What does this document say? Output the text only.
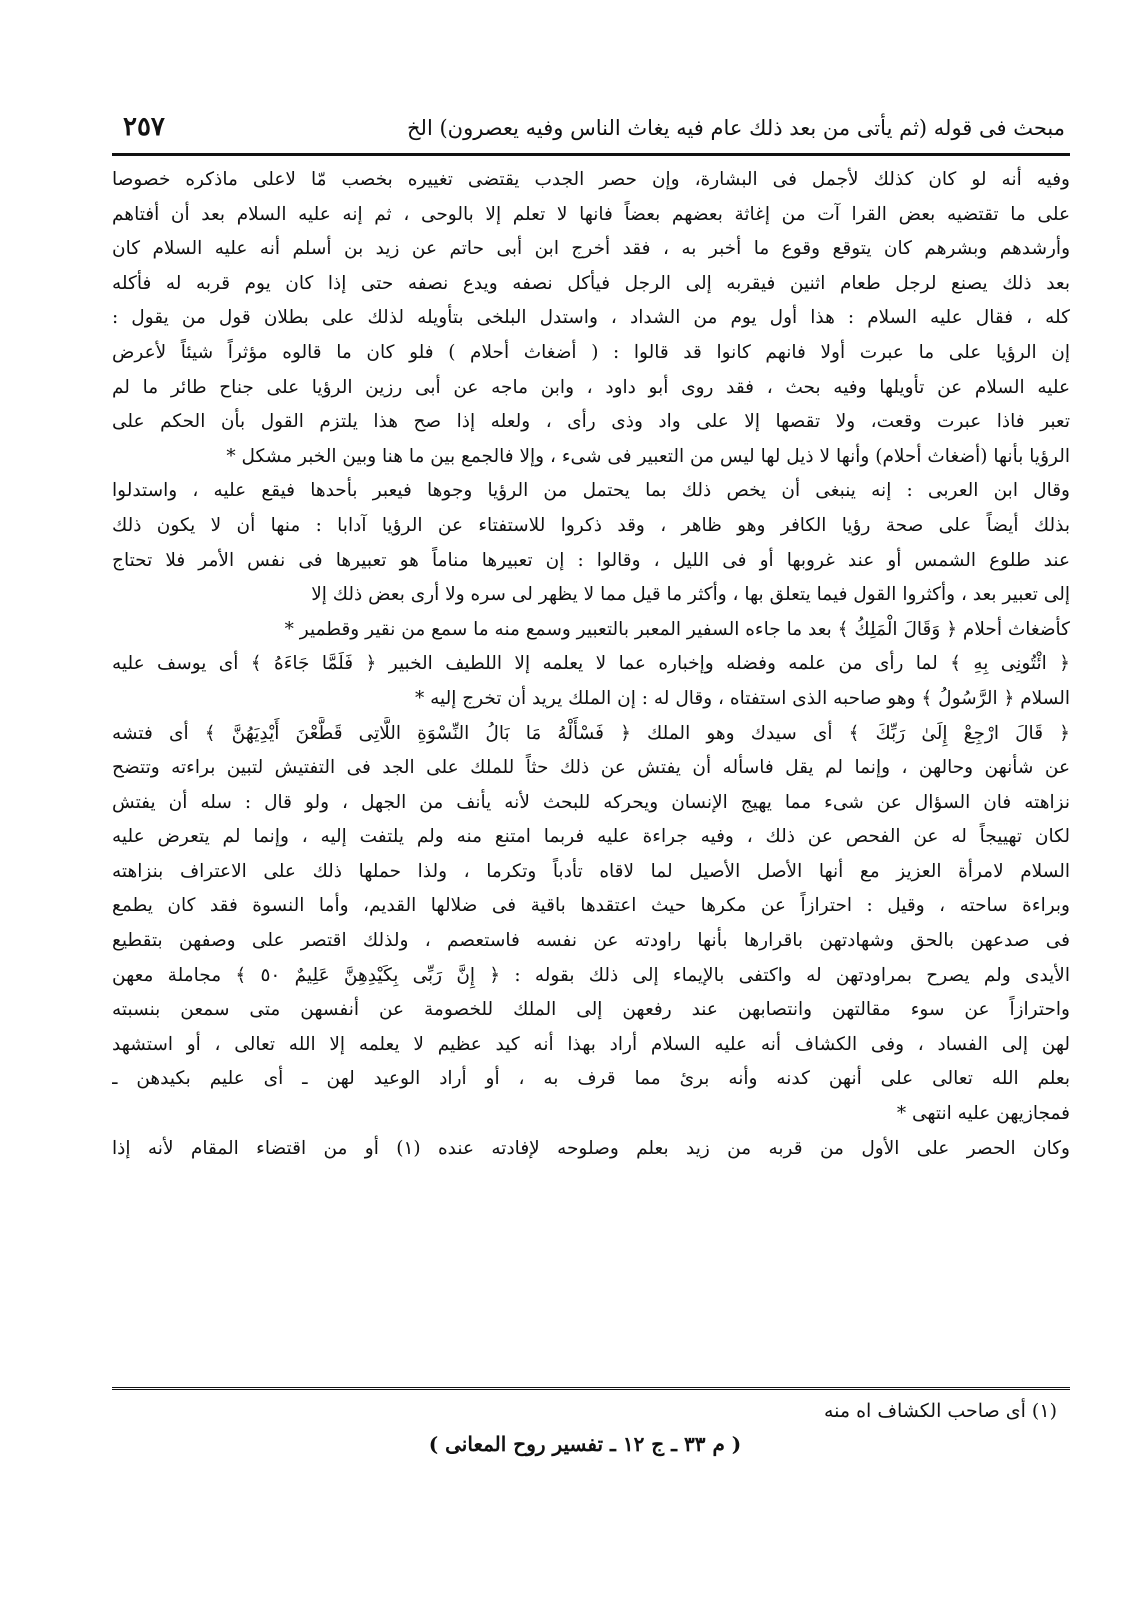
مبحث فى قوله (ثم يأتى من بعد ذلك عام فيه يغاث الناس وفيه يعصرون) الخ
٢٥٧
وفيه أنه لو كان كذلك لأجمل فى البشارة، وإن حصر الجدب يقتضى تغييره بخصب مّا لاعلى ماذكره خصوصا
على ما تقتضيه بعض القرا آت من إغاثة بعضهم بعضاً فانها لا تعلم إلا بالوحى ، ثم إنه عليه السلام بعد أن أفتاهم
وأرشدهم وبشرهم كان يتوقع وقوع ما أخبر به ، فقد أخرج ابن أبى حاتم عن زيد بن أسلم أنه عليه السلام كان
بعد ذلك يصنع لرجل طعام اثنين فيقربه إلى الرجل فيأكل نصفه ويدع نصفه حتى إذا كان يوم قربه له فأكله
كله ، فقال عليه السلام : هذا أول يوم من الشداد ، واستدل البلخى بتأويله لذلك على بطلان قول من يقول :
إن الرؤيا على ما عبرت أولا فانهم كانوا قد قالوا : ( أضغاث أحلام ) فلو كان ما قالوه مؤثراً شيئاً لأعرض
عليه السلام عن تأويلها وفيه بحث ، فقد روى أبو داود ، وابن ماجه عن أبى رزين الرؤيا على جناح طائر ما لم
تعبر فاذا عبرت وقعت، ولا تقصها إلا على واد وذى رأى ، ولعله إذا صح هذا يلتزم القول بأن الحكم على
الرؤيا بأنها (أضغاث أحلام) وأنها لا ذيل لها ليس من التعبير فى شىء ، وإلا فالجمع بين ما هنا وبين الخبر مشكل *
وقال ابن العربى : إنه ينبغى أن يخص ذلك بما يحتمل من الرؤيا وجوها فيعبر بأحدها فيقع عليه ، واستدلوا
بذلك أيضاً على صحة رؤيا الكافر وهو ظاهر ، وقد ذكروا للاستفتاء عن الرؤيا آدابا : منها أن لا يكون ذلك
عند طلوع الشمس أو عند غروبها أو فى الليل ، وقالوا : إن تعبيرها مناماً هو تعبيرها فى نفس الأمر فلا تحتاج
إلى تعبير بعد ، وأكثروا القول فيما يتعلق بها ، وأكثر ما قيل مما لا يظهر لى سره ولا أرى بعض ذلك إلا
كأضغاث أحلام ﴿ وَقَالَ الْمَلِكُ ﴾ بعد ما جاءه السفير المعبر بالتعبير وسمع منه ما سمع من نقير وقطمير *
﴿ ائْتُونِى بِهِ ﴾ لما رأى من علمه وفضله وإخباره عما لا يعلمه إلا اللطيف الخبير ﴿ فَلَمَّا جَاءَهُ ﴾ أى يوسف عليه
السلام ﴿ الرَّسُولُ ﴾ وهو صاحبه الذى استفتاه ، وقال له : إن الملك يريد أن تخرج إليه *
﴿ قَالَ ارْجِعْ إِلَىٰ رَبِّكَ ﴾ أى سيدك وهو الملك ﴿ فَسْأَلْهُ مَا بَالُ النِّسْوَةِ اللَّاتِى قَطَّعْنَ أَيْدِيَهُنَّ ﴾ أى فتشه
عن شأنهن وحالهن ، وإنما لم يقل فاسأله أن يفتش عن ذلك حثاً للملك على الجد فى التفتيش لتبين براءته وتتضح
نزاهته فان السؤال عن شىء مما يهيج الإنسان ويحركه للبحث لأنه يأنف من الجهل ، ولو قال : سله أن يفتش
لكان تهييجاً له عن الفحص عن ذلك ، وفيه جراءة عليه فربما امتنع منه ولم يلتفت إليه ، وإنما لم يتعرض عليه
السلام لامرأة العزيز مع أنها الأصل الأصيل لما لاقاه تأدباً وتكرما ، ولذا حملها ذلك على الاعتراف بنزاهته
وبراءة ساحته ، وقيل : احترازاً عن مكرها حيث اعتقدها باقية فى ضلالها القديم، وأما النسوة فقد كان يطمع
فى صدعهن بالحق وشهادتهن باقرارها بأنها راودته عن نفسه فاستعصم ، ولذلك اقتصر على وصفهن بتقطيع
الأيدى ولم يصرح بمراودتهن له واكتفى بالإيماء إلى ذلك بقوله : ﴿ إِنَّ رَبِّى بِكَيْدِهِنَّ عَلِيمٌ ٥٠ ﴾ مجاملة معهن
واحترازاً عن سوء مقالتهن وانتصابهن عند رفعهن إلى الملك للخصومة عن أنفسهن متى سمعن بنسبته
لهن إلى الفساد ، وفى الكشاف أنه عليه السلام أراد بهذا أنه كيد عظيم لا يعلمه إلا الله تعالى ، أو استشهد
بعلم الله تعالى على أنهن كدنه وأنه برئ مما قرف به ، أو أراد الوعيد لهن ـ أى عليم بكيدهن ـ
فمجازيهن عليه انتهى *
وكان الحصر على الأول من قربه من زيد بعلم وصلوحه لإفادته عنده (١) أو من اقتضاء المقام لأنه إذا
(١) أى صاحب الكشاف اه منه
( م ٣٣ ـ ج ١٢ ـ تفسير روح المعانى )
